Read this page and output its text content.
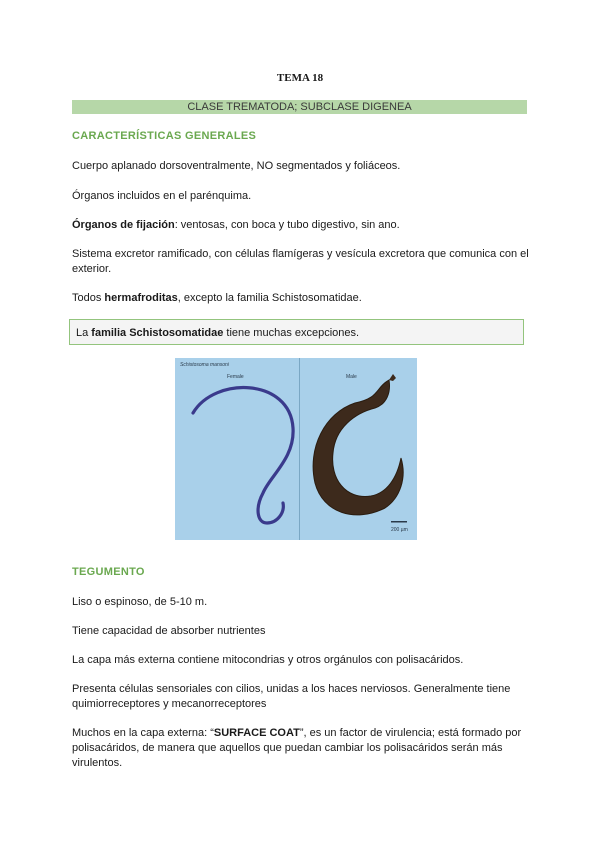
TEMA 18
CLASE TREMATODA; SUBCLASE DIGENEA
CARACTERÍSTICAS GENERALES
Cuerpo aplanado dorsoventralmente, NO segmentados y foliáceos.
Órganos incluidos en el parénquima.
Órganos de fijación: ventosas, con boca y tubo digestivo, sin ano.
Sistema excretor ramificado, con células flamígeras y vesícula excretora que comunica con el exterior.
Todos hermafroditas, excepto la familia Schistosomatidae.
La familia Schistosomatidae tiene muchas excepciones.
Schistosoma mansoni
Female	Male
200 µm
TEGUMENTO
Liso o espinoso, de 5-10 m.
Tiene capacidad de absorber nutrientes
La capa más externa contiene mitocondrias y otros orgánulos con polisacáridos.
Presenta células sensoriales con cilios, unidas a los haces nerviosos. Generalmente tiene quimiorreceptores y mecanorreceptores
Muchos en la capa externa: “SURFACE COAT”, es un factor de virulencia; está formado por polisacáridos, de manera que aquellos que puedan cambiar los polisacáridos serán más virulentos.
